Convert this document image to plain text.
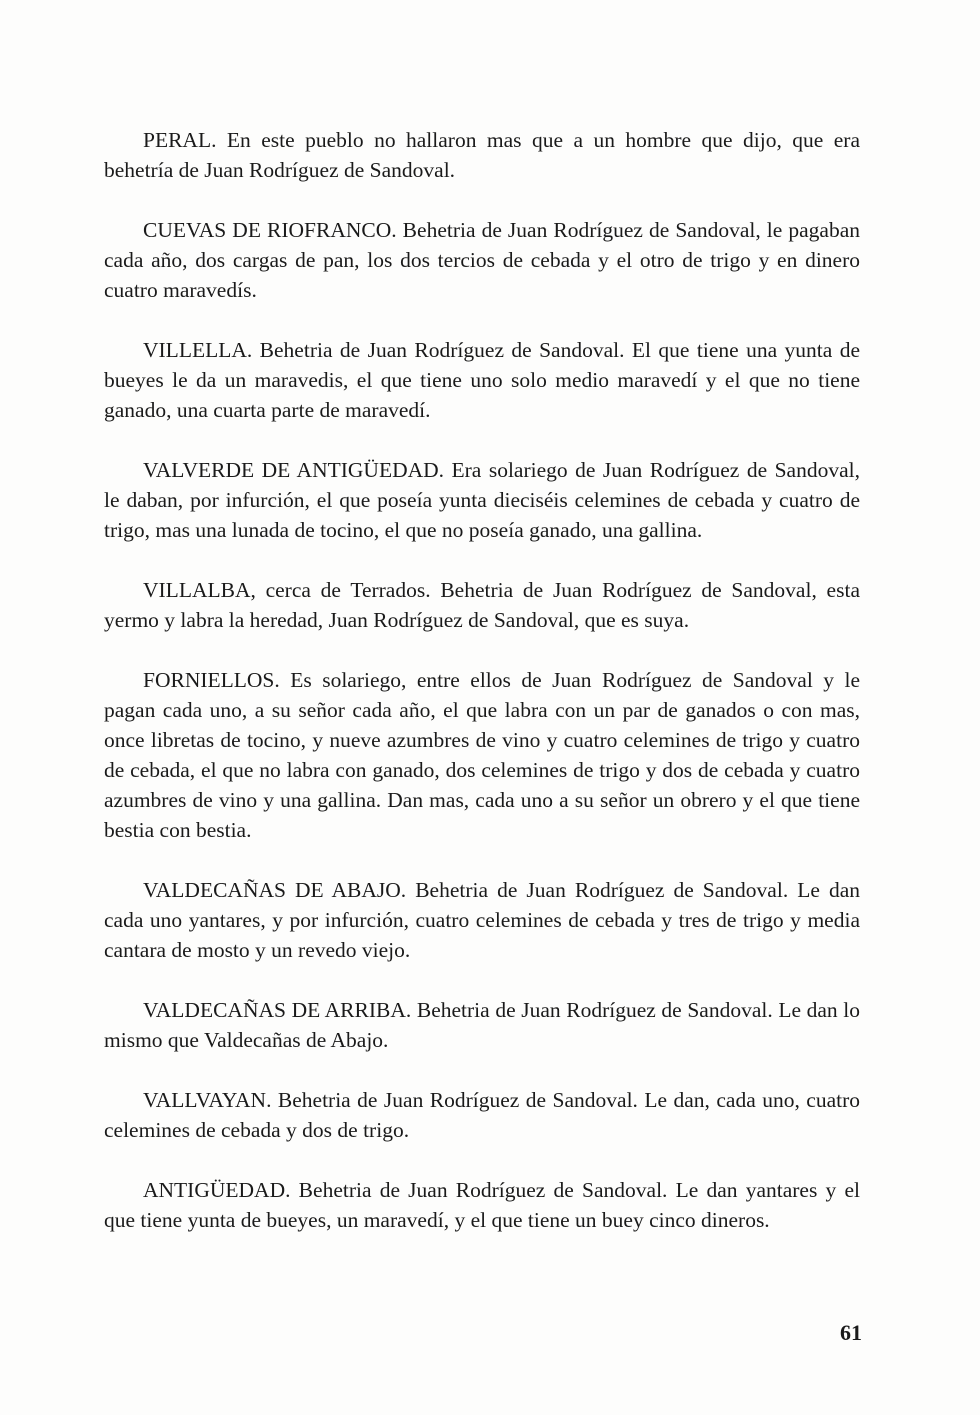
PERAL. En este pueblo no hallaron mas que a un hombre que dijo, que era behetría de Juan Rodríguez de Sandoval.

CUEVAS DE RIOFRANCO. Behetria de Juan Rodríguez de Sandoval, le pagaban cada año, dos cargas de pan, los dos tercios de cebada y el otro de trigo y en dinero cuatro maravedís.

VILLELLA. Behetria de Juan Rodríguez de Sandoval. El que tiene una yunta de bueyes le da un maravedis, el que tiene uno solo medio maravedí y el que no tiene ganado, una cuarta parte de maravedí.

VALVERDE DE ANTIGÜEDAD. Era solariego de Juan Rodríguez de Sandoval, le daban, por infurción, el que poseía yunta dieciséis celemines de cebada y cuatro de trigo, mas una lunada de tocino, el que no poseía ganado, una gallina.

VILLALBA, cerca de Terrados. Behetria de Juan Rodríguez de Sandoval, esta yermo y labra la heredad, Juan Rodríguez de Sandoval, que es suya.

FORNIELLOS. Es solariego, entre ellos de Juan Rodríguez de Sandoval y le pagan cada uno, a su señor cada año, el que labra con un par de ganados o con mas, once libretas de tocino, y nueve azumbres de vino y cuatro celemines de trigo y cuatro de cebada, el que no labra con ganado, dos celemines de trigo y dos de cebada y cuatro azumbres de vino y una gallina. Dan mas, cada uno a su señor un obrero y el que tiene bestia con bestia.

VALDECAÑAS DE ABAJO. Behetria de Juan Rodríguez de Sandoval. Le dan cada uno yantares, y por infurción, cuatro celemines de cebada y tres de trigo y media cantara de mosto y un revedo viejo.

VALDECAÑAS DE ARRIBA. Behetria de Juan Rodríguez de Sandoval. Le dan lo mismo que Valdecañas de Abajo.

VALLVAYAN. Behetria de Juan Rodríguez de Sandoval. Le dan, cada uno, cuatro celemines de cebada y dos de trigo.

ANTIGÜEDAD. Behetria de Juan Rodríguez de Sandoval. Le dan yantares y el que tiene yunta de bueyes, un maravedí, y el que tiene un buey cinco dineros.

61
